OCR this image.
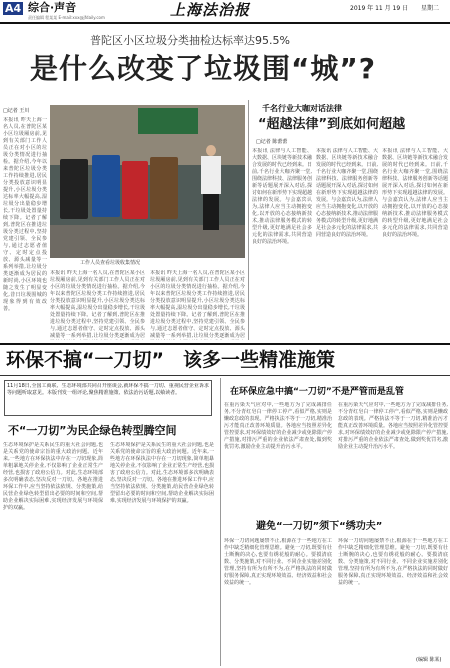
A4 综合·声音
责任编辑 程某某 E-mail:xxx@jfdaily.com	上海法治报	2019 年 11 月 19 日 星期二
普陀区小区垃圾分类抽检达标率达95.5%
是什么改变了垃圾围“城”?
□记者 王川
本报讯 昨天上海一名人员,在普陀区某小区垃圾厢房前,见到有关部门工作人员正在对小区的垃圾分类情况进行抽检。据介绍,今年以来普陀区垃圾分类工作持续推进,居民分类投放意识明显提升,小区垃圾分类达标率大幅提高,湿垃圾分出量稳步增长,干垃圾处置量持续下降。记者了解到,普陀区在推进垃圾分类过程中,坚持党建引领、全民参与,通过志愿者值守、定时定点投放、源头减量等一系列举措,让垃圾分类逐渐成为居民的新时尚,小区环境也随之发生了明显变化,昔日垃圾围城的现象得到有效改善。
工作人员查看垃圾收集情况
本报讯 昨天上海一名人员,在普陀区某小区垃圾厢房前,见到有关部门工作人员正在对小区的垃圾分类情况进行抽检。据介绍,今年以来普陀区垃圾分类工作持续推进,居民分类投放意识明显提升,小区垃圾分类达标率大幅提高,湿垃圾分出量稳步增长,干垃圾处置量持续下降。记者了解到,普陀区在推进垃圾分类过程中,坚持党建引领、全民参与,通过志愿者值守、定时定点投放、源头减量等一系列举措,让垃圾分类逐渐成为居
本报讯 昨天上海一名人员,在普陀区某小区垃圾厢房前,见到有关部门工作人员正在对小区的垃圾分类情况进行抽检。据介绍,今年以来普陀区垃圾分类工作持续推进,居民分类投放意识明显提升,小区垃圾分类达标率大幅提高,湿垃圾分出量稳步增长,干垃圾处置量持续下降。记者了解到,普陀区在推进垃圾分类过程中,坚持党建引领、全民参与,通过志愿者值守、定时定点投放、源头减量等一系列举措,让垃圾分类逐渐成为居
千名行业大咖对话法律
“超越法律”到底如何超越
□记者 陈蕾蕾
本报讯 法律与人工智能、大数据、区块链等新技术融合发展的时代已经到来。日前,千名行业大咖齐聚一堂,围绕法律科技、法律服务创新等话题展开深入对话,探讨如何在新形势下实现超越法律的发展。与会嘉宾认为,法律人应当主动拥抱变化,以开放的心态接纳新技术,推动法律服务模式的转型升级,更好地满足社会多元化的法律需求,共同营造良好的法治环境。
本报讯 法律与人工智能、大数据、区块链等新技术融合发展的时代已经到来。日前,千名行业大咖齐聚一堂,围绕法律科技、法律服务创新等话题展开深入对话,探讨如何在新形势下实现超越法律的发展。与会嘉宾认为,法律人应当主动拥抱变化,以开放的心态接纳新技术,推动法律服务模式的转型升级,更好地满足社会多元化的法律需求,共同营造良好的法治环境。
本报讯 法律与人工智能、大数据、区块链等新技术融合发展的时代已经到来。日前,千名行业大咖齐聚一堂,围绕法律科技、法律服务创新等话题展开深入对话,探讨如何在新形势下实现超越法律的发展。与会嘉宾认为,法律人应当主动拥抱变化,以开放的心态接纳新技术,推动法律服务模式的转型升级,更好地满足社会多元化的法律需求,共同营造良好的法治环境。
环保不搞“一刀切”　该多一些精准施策
11月18日,全国工商联、生态环境部共同召开座谈会,就环保不搞一刀切、重视民营企业诉求等问题听取意见。本版刊发一组评论,聚焦精准施策、依法治污话题,以飨读者。
不“一刀切”为民企绿色转型腾空间
生态环境保护是关系民生的重大社会问题,也是关系党的使命宗旨的重大政治问题。近年来,一些地方在环保执法中存在一刀切现象,简单粗暴地关停企业,不仅影响了企业正常生产经营,也损害了政府公信力。对此,生态环境部多次明确表态,坚决反对一刀切。各地在推进环保工作中,应当坚持依法依规、分类施策,给民营企业绿色转型留出必要的时间和空间,帮助企业解决实际困难,实现经济发展与环境保护的双赢。
生态环境保护是关系民生的重大社会问题,也是关系党的使命宗旨的重大政治问题。近年来,一些地方在环保执法中存在一刀切现象,简单粗暴地关停企业,不仅影响了企业正常生产经营,也损害了政府公信力。对此,生态环境部多次明确表态,坚决反对一刀切。各地在推进环保工作中,应当坚持依法依规、分类施策,给民营企业绿色转型留出必要的时间和空间,帮助企业解决实际困难,实现经济发展与环境保护的双赢。
在环保应急中搞“一刀切”不是严管而是乱管
在重污染天气应对中,一些地方为了完成减排任务,不分青红皂白一律停工停产,看似严格,实则是懒政怠政的表现。严格执法不等于一刀切,精准治污才能真正改善环境质量。各地应当按照差异化管控要求,对环保绩效好的企业减少或免除限产停产措施,对排污严重的企业依法严肃查处,做到奖优罚劣,激励企业主动提升治污水平。
在重污染天气应对中,一些地方为了完成减排任务,不分青红皂白一律停工停产,看似严格,实则是懒政怠政的表现。严格执法不等于一刀切,精准治污才能真正改善环境质量。各地应当按照差异化管控要求,对环保绩效好的企业减少或免除限产停产措施,对排污严重的企业依法严肃查处,做到奖优罚劣,激励企业主动提升治污水平。
避免“一刀切”须下“绣功夫”
环保一刀切问题屡禁不止,根源在于一些地方在工作中缺乏精细化管理思维。避免一刀切,既要有壮士断腕的决心,也要有绣花般的耐心。要摸清底数、分类施策,对不同行业、不同企业实施差别化管理,坚持有所为有所不为,在严格执法的同时做好服务保障,真正实现环境效益、经济效益和社会效益的统一。
环保一刀切问题屡禁不止,根源在于一些地方在工作中缺乏精细化管理思维。避免一刀切,既要有壮士断腕的决心,也要有绣花般的耐心。要摸清底数、分类施策,对不同行业、不同企业实施差别化管理,坚持有所为有所不为,在严格执法的同时做好服务保障,真正实现环境效益、经济效益和社会效益的统一。
(编辑 陈某)
